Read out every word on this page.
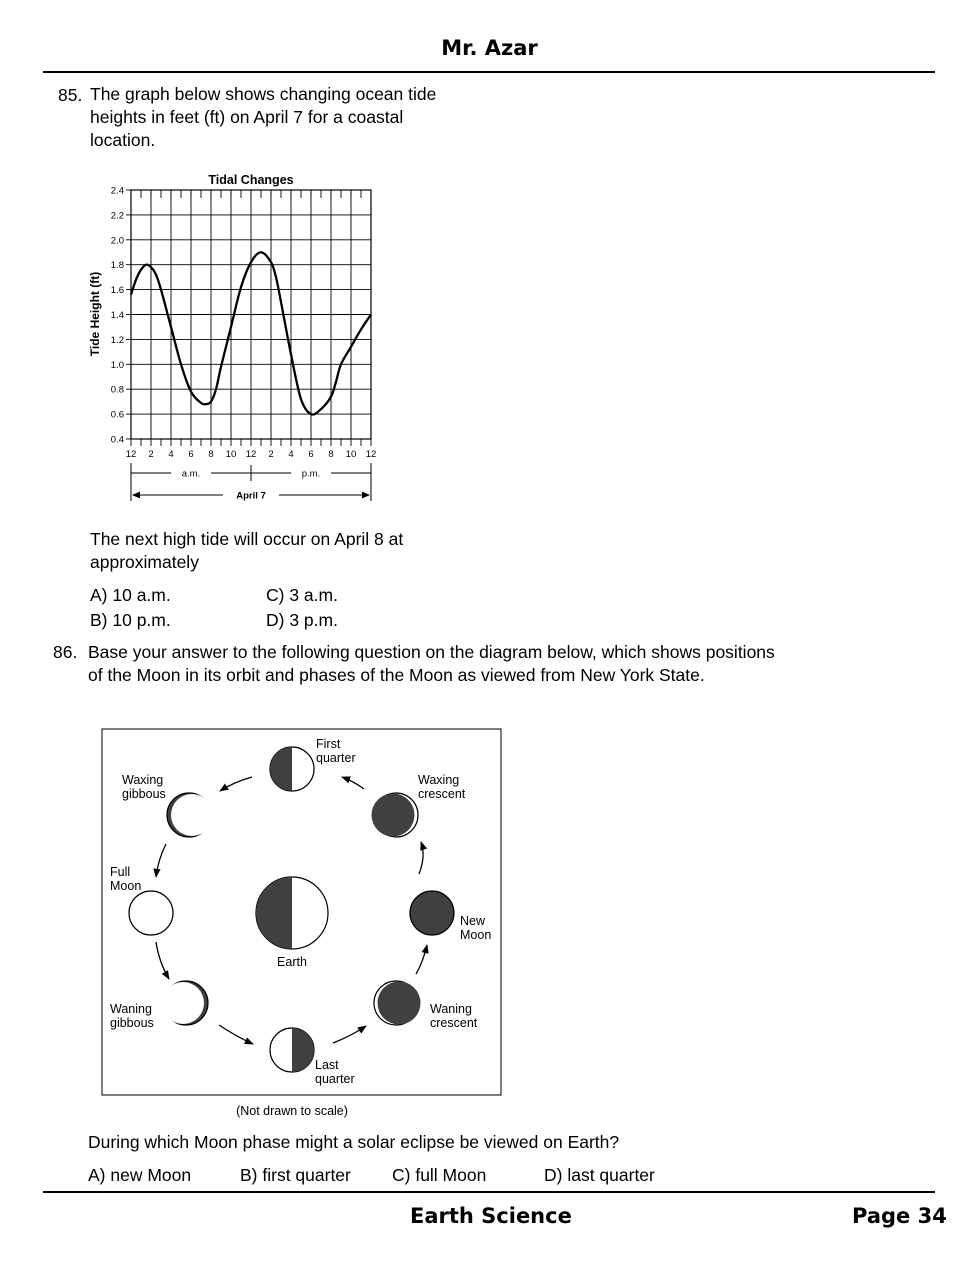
Mr. Azar
85. The graph below shows changing ocean tide
heights in feet (ft) on April 7 for a coastal
location.
Tidal Changes
Tide Height (ft)
0.4
0.6
0.8
1.0
1.2
1.4
1.6
1.8
2.0
2.2
2.4
12 2 4 6 8 10 12 2 4 6 8 10 12
a.m.	p.m.
April 7
The next high tide will occur on April 8 at
approximately
A) 10 a.m.	C) 3 a.m.
B) 10 p.m.	D) 3 p.m.
86. Base your answer to the following question on the diagram below, which shows positions
of the Moon in its orbit and phases of the Moon as viewed from New York State.
Earth
First quarter
Waxing crescent
New Moon
Waning crescent
Last quarter
Waning gibbous
Full Moon
Waxing gibbous
(Not drawn to scale)
During which Moon phase might a solar eclipse be viewed on Earth?
A) new Moon	B) first quarter C) full Moon	D) last quarter
Earth Science	Page 34
